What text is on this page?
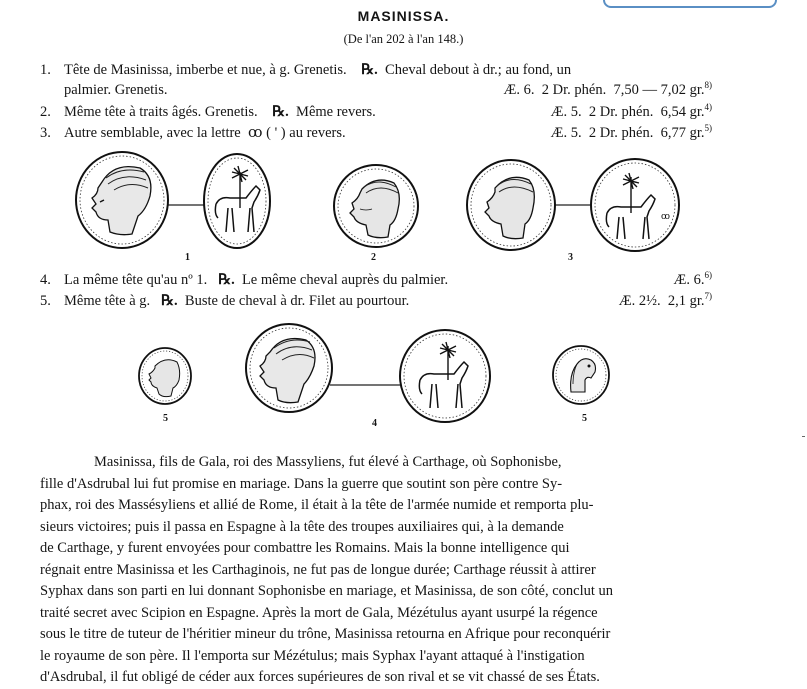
MASINISSA.
(De l'an 202 à l'an 148.)
1. Tête de Masinissa, imberbe et nue, à g. Grenetis. ℞. Cheval debout à dr.; au fond, un
palmier. Grenetis.	Æ. 6. 2 Dr. phén. 7,50 — 7,02 gr.$^{8)}$
2. Même tête à traits âgés. Grenetis. ℞. Même revers.	Æ. 5. 2 Dr. phén. 6,54 gr.$^{4)}$
3. Autre semblable, avec la lettre ꝏ ( ' ) au revers.	Æ. 5. 2 Dr. phén. 6,77 gr.$^{5)}$
1	2
ꝏ
3
4. La même tête qu'au nº 1. ℞. Le même cheval auprès du palmier.	Æ. 6.$^{6)}$
5. Même tête à g. ℞. Buste de cheval à dr. Filet au pourtour.	Æ. 2½. 2,1 gr.$^{7)}$
5	4	5
Masinissa, fils de Gala, roi des Massyliens, fut élevé à Carthage, où Sophonisbe,
fille d'Asdrubal lui fut promise en mariage. Dans la guerre que soutint son père contre Sy-
phax, roi des Massésyliens et allié de Rome, il était à la tête de l'armée numide et remporta plu-
sieurs victoires; puis il passa en Espagne à la tête des troupes auxiliaires qui, à la demande
de Carthage, y furent envoyées pour combattre les Romains. Mais la bonne intelligence qui
régnait entre Masinissa et les Carthaginois, ne fut pas de longue durée; Carthage réussit à attirer
Syphax dans son parti en lui donnant Sophonisbe en mariage, et Masinissa, de son côté, conclut un
traité secret avec Scipion en Espagne. Après la mort de Gala, Mézétulus ayant usurpé la régence
sous le titre de tuteur de l'héritier mineur du trône, Masinissa retourna en Afrique pour reconquérir
le royaume de son père. Il l'emporta sur Mézétulus; mais Syphax l'ayant attaqué à l'instigation
d'Asdrubal, il fut obligé de céder aux forces supérieures de son rival et se vit chassé de ses États.
